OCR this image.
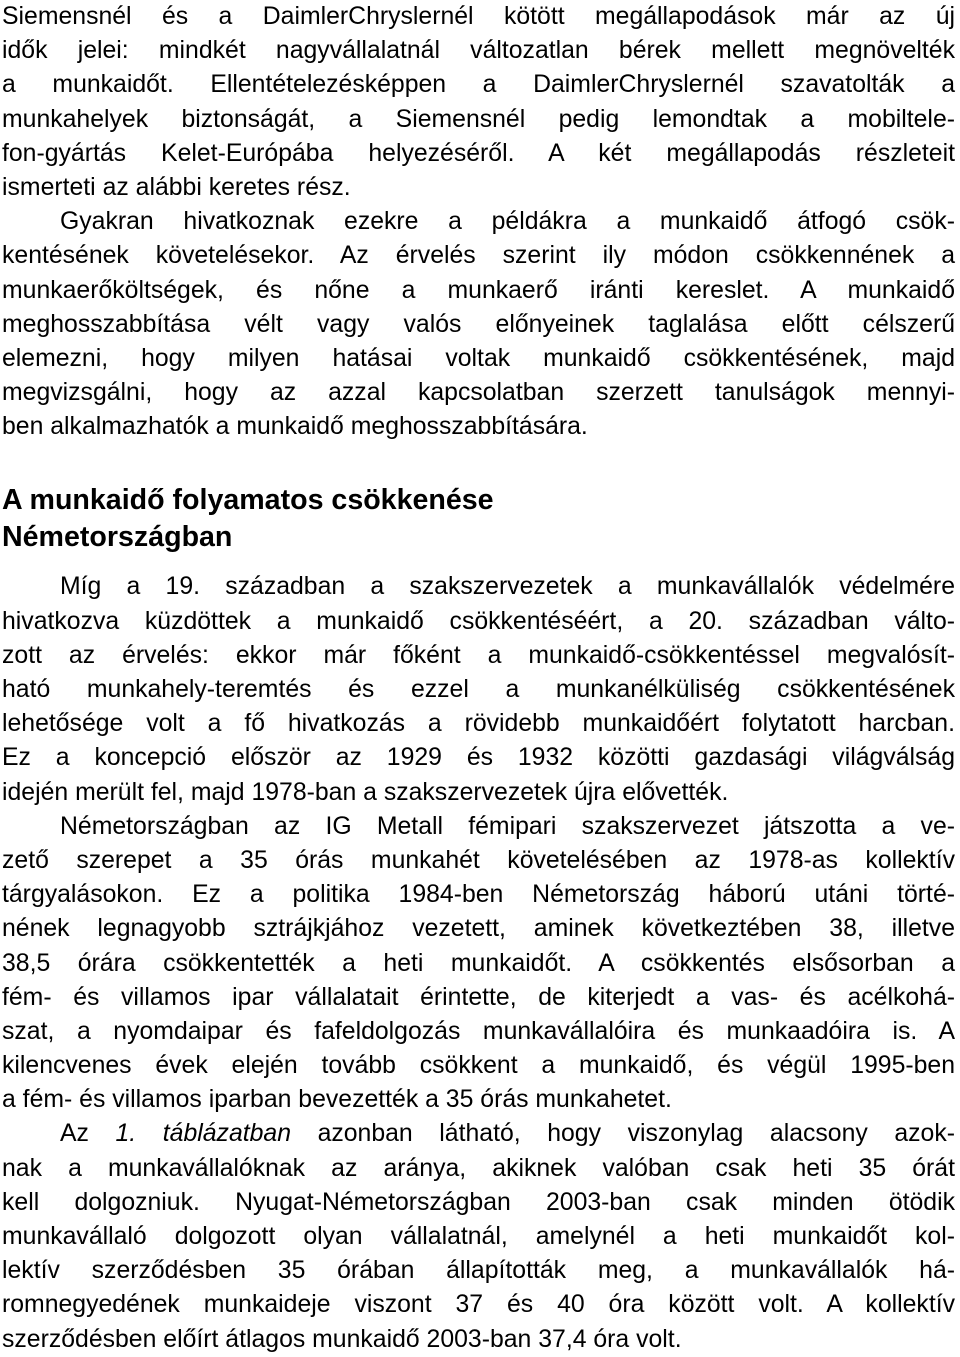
Siemensnél és a DaimlerChryslernél kötött megállapodások már az új
idők jelei: mindkét nagyvállalatnál változatlan bérek mellett megnövelték
a munkaidőt. Ellentételezésképpen a DaimlerChryslernél szavatolták a
munkahelyek biztonságát, a Siemensnél pedig lemondtak a mobiltele-
fon-gyártás Kelet-Európába helyezéséről. A két megállapodás részleteit
ismerteti az alábbi keretes rész.
Gyakran hivatkoznak ezekre a példákra a munkaidő átfogó csök-
kentésének követelésekor. Az érvelés szerint ily módon csökkennének a
munkaerőköltségek, és nőne a munkaerő iránti kereslet. A munkaidő
meghosszabbítása vélt vagy valós előnyeinek taglalása előtt célszerű
elemezni, hogy milyen hatásai voltak munkaidő csökkentésének, majd
megvizsgálni, hogy az azzal kapcsolatban szerzett tanulságok mennyi-
ben alkalmazhatók a munkaidő meghosszabbítására.
A munkaidő folyamatos csökkenése
Németországban
Míg a 19. században a szakszervezetek a munkavállalók védelmére
hivatkozva küzdöttek a munkaidő csökkentéséért, a 20. században válto-
zott az érvelés: ekkor már főként a munkaidő-csökkentéssel megvalósít-
ható munkahely-teremtés és ezzel a munkanélküliség csökkentésének
lehetősége volt a fő hivatkozás a rövidebb munkaidőért folytatott harcban.
Ez a koncepció először az 1929 és 1932 közötti gazdasági világválság
idején merült fel, majd 1978-ban a szakszervezetek újra elővették.
Németországban az IG Metall fémipari szakszervezet játszotta a ve-
zető szerepet a 35 órás munkahét követelésében az 1978-as kollektív
tárgyalásokon. Ez a politika 1984-ben Németország háború utáni törté-
nének legnagyobb sztrájkjához vezetett, aminek következtében 38, illetve
38,5 órára csökkentették a heti munkaidőt. A csökkentés elsősorban a
fém- és villamos ipar vállalatait érintette, de kiterjedt a vas- és acélkohá-
szat, a nyomdaipar és fafeldolgozás munkavállalóira és munkaadóira is. A
kilencvenes évek elején tovább csökkent a munkaidő, és végül 1995-ben
a fém- és villamos iparban bevezették a 35 órás munkahetet.
Az 1. táblázatban azonban látható, hogy viszonylag alacsony azok-
nak a munkavállalóknak az aránya, akiknek valóban csak heti 35 órát
kell dolgozniuk. Nyugat-Németországban 2003-ban csak minden ötödik
munkavállaló dolgozott olyan vállalatnál, amelynél a heti munkaidőt kol-
lektív szerződésben 35 órában állapították meg, a munkavállalók há-
romnegyedének munkaideje viszont 37 és 40 óra között volt. A kollektív
szerződésben előírt átlagos munkaidő 2003-ban 37,4 óra volt.
